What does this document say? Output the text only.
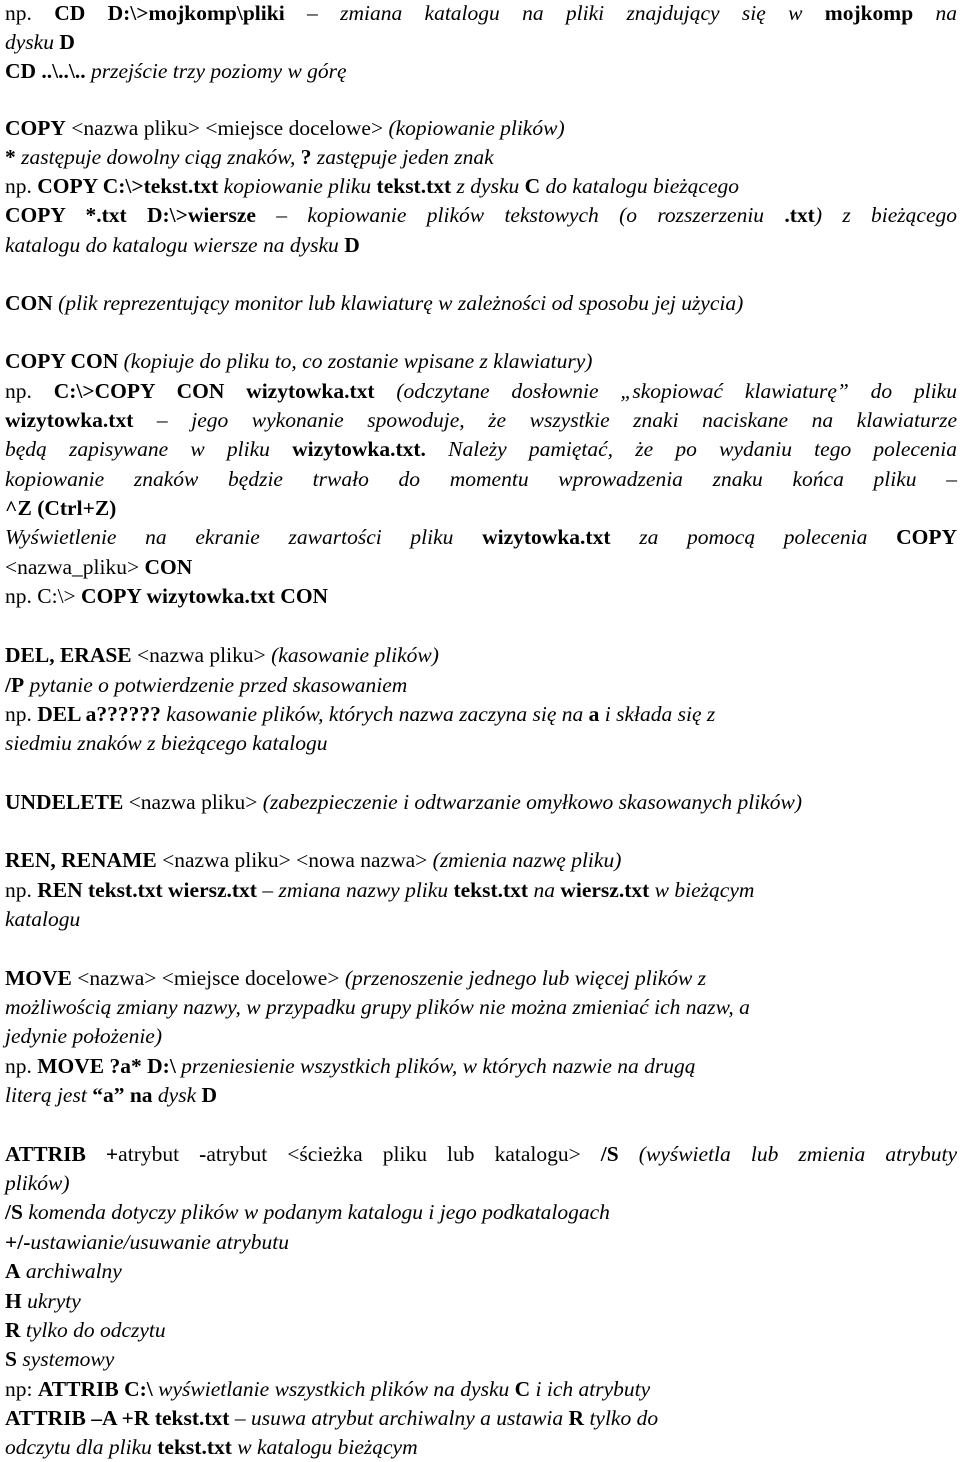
np. CD D:\>mojkomp\pliki – zmiana katalogu na pliki znajdujący się w mojkomp na
dysku D
CD ..\..\.. przejście trzy poziomy w górę
COPY <nazwa pliku> <miejsce docelowe> (kopiowanie plików)
* zastępuje dowolny ciąg znaków, ? zastępuje jeden znak
np. COPY C:\>tekst.txt kopiowanie pliku tekst.txt z dysku C do katalogu bieżącego
COPY *.txt D:\>wiersze – kopiowanie plików tekstowych (o rozszerzeniu .txt) z bieżącego
katalogu do katalogu wiersze na dysku D
CON (plik reprezentujący monitor lub klawiaturę w zależności od sposobu jej użycia)
COPY CON (kopiuje do pliku to, co zostanie wpisane z klawiatury)
np. C:\>COPY CON wizytowka.txt (odczytane dosłownie „skopiować klawiaturę” do pliku
wizytowka.txt – jego wykonanie spowoduje, że wszystkie znaki naciskane na klawiaturze
będą zapisywane w pliku wizytowka.txt. Należy pamiętać, że po wydaniu tego polecenia
kopiowanie znaków będzie trwało do momentu wprowadzenia znaku końca pliku –
^Z (Ctrl+Z)
Wyświetlenie na ekranie zawartości pliku wizytowka.txt za pomocą polecenia COPY
<nazwa_pliku> CON
np. C:\> COPY wizytowka.txt CON
DEL, ERASE <nazwa pliku> (kasowanie plików)
/P pytanie o potwierdzenie przed skasowaniem
np. DEL a?????? kasowanie plików, których nazwa zaczyna się na a i składa się z
siedmiu znaków z bieżącego katalogu
UNDELETE <nazwa pliku> (zabezpieczenie i odtwarzanie omyłkowo skasowanych plików)
REN, RENAME <nazwa pliku> <nowa nazwa> (zmienia nazwę pliku)
np. REN tekst.txt wiersz.txt – zmiana nazwy pliku tekst.txt na wiersz.txt w bieżącym
katalogu
MOVE <nazwa> <miejsce docelowe> (przenoszenie jednego lub więcej plików z
możliwością zmiany nazwy, w przypadku grupy plików nie można zmieniać ich nazw, a
jedynie położenie)
np. MOVE ?a* D:\ przeniesienie wszystkich plików, w których nazwie na drugą
literą jest “a” na dysk D
ATTRIB +atrybut -atrybut <ścieżka pliku lub katalogu> /S (wyświetla lub zmienia atrybuty
plików)
/S komenda dotyczy plików w podanym katalogu i jego podkatalogach
+/-ustawianie/usuwanie atrybutu
A archiwalny
H ukryty
R tylko do odczytu
S systemowy
np: ATTRIB C:\ wyświetlanie wszystkich plików na dysku C i ich atrybuty
ATTRIB –A +R tekst.txt – usuwa atrybut archiwalny a ustawia R tylko do
odczytu dla pliku tekst.txt w katalogu bieżącym
